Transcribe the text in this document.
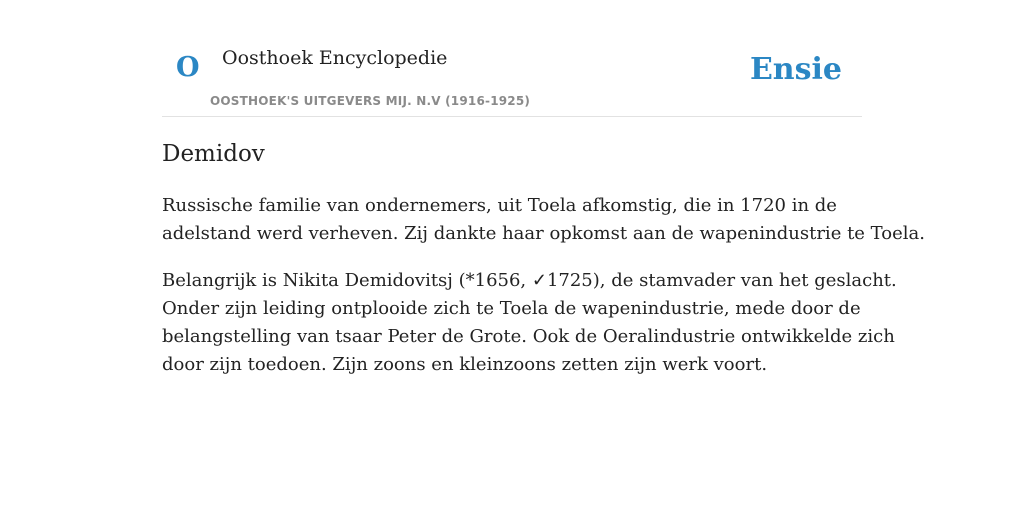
O Oosthoek Encyclopedie
OOSTHOEK'S UITGEVERS MIJ. N.V (1916-1925)
Ensie
Demidov
Russische familie van ondernemers, uit Toela afkomstig, die in 1720 in de
adelstand werd verheven. Zij dankte haar opkomst aan de wapenindustrie te Toela.
Belangrijk is Nikita Demidovitsj (*1656, ✓1725), de stamvader van het geslacht.
Onder zijn leiding ontplooide zich te Toela de wapenindustrie, mede door de
belangstelling van tsaar Peter de Grote. Ook de Oeralindustrie ontwikkelde zich
door zijn toedoen. Zijn zoons en kleinzoons zetten zijn werk voort.
